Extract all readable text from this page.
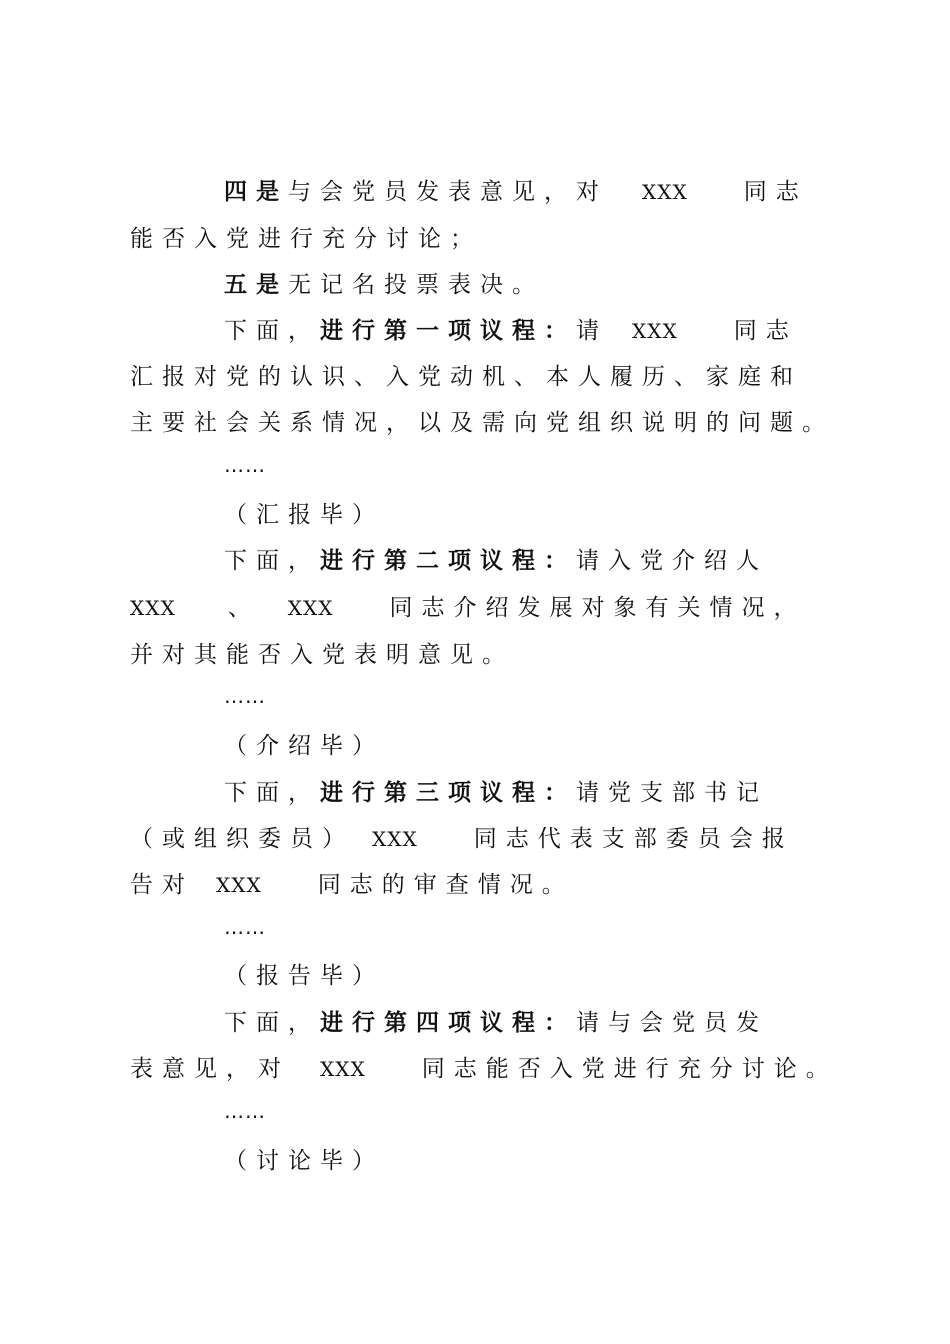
四是与会党员发表意见，对 XXX 同志
能否入党进行充分讨论；
五是无记名投票表决。
下面，进行第一项议程：请 XXX 同志
汇报对党的认识、入党动机、本人履历、家庭和
主要社会关系情况，以及需向党组织说明的问题。
……
（汇报毕）
下面，进行第二项议程：请入党介绍人
XXX 、 XXX 同志介绍发展对象有关情况，
并对其能否入党表明意见。
……
（介绍毕）
下面，进行第三项议程：请党支部书记
（或组织委员） XXX 同志代表支部委员会报
告对 XXX 同志的审查情况。
……
（报告毕）
下面，进行第四项议程：请与会党员发
表意见，对 XXX 同志能否入党进行充分讨论。
……
（讨论毕）
